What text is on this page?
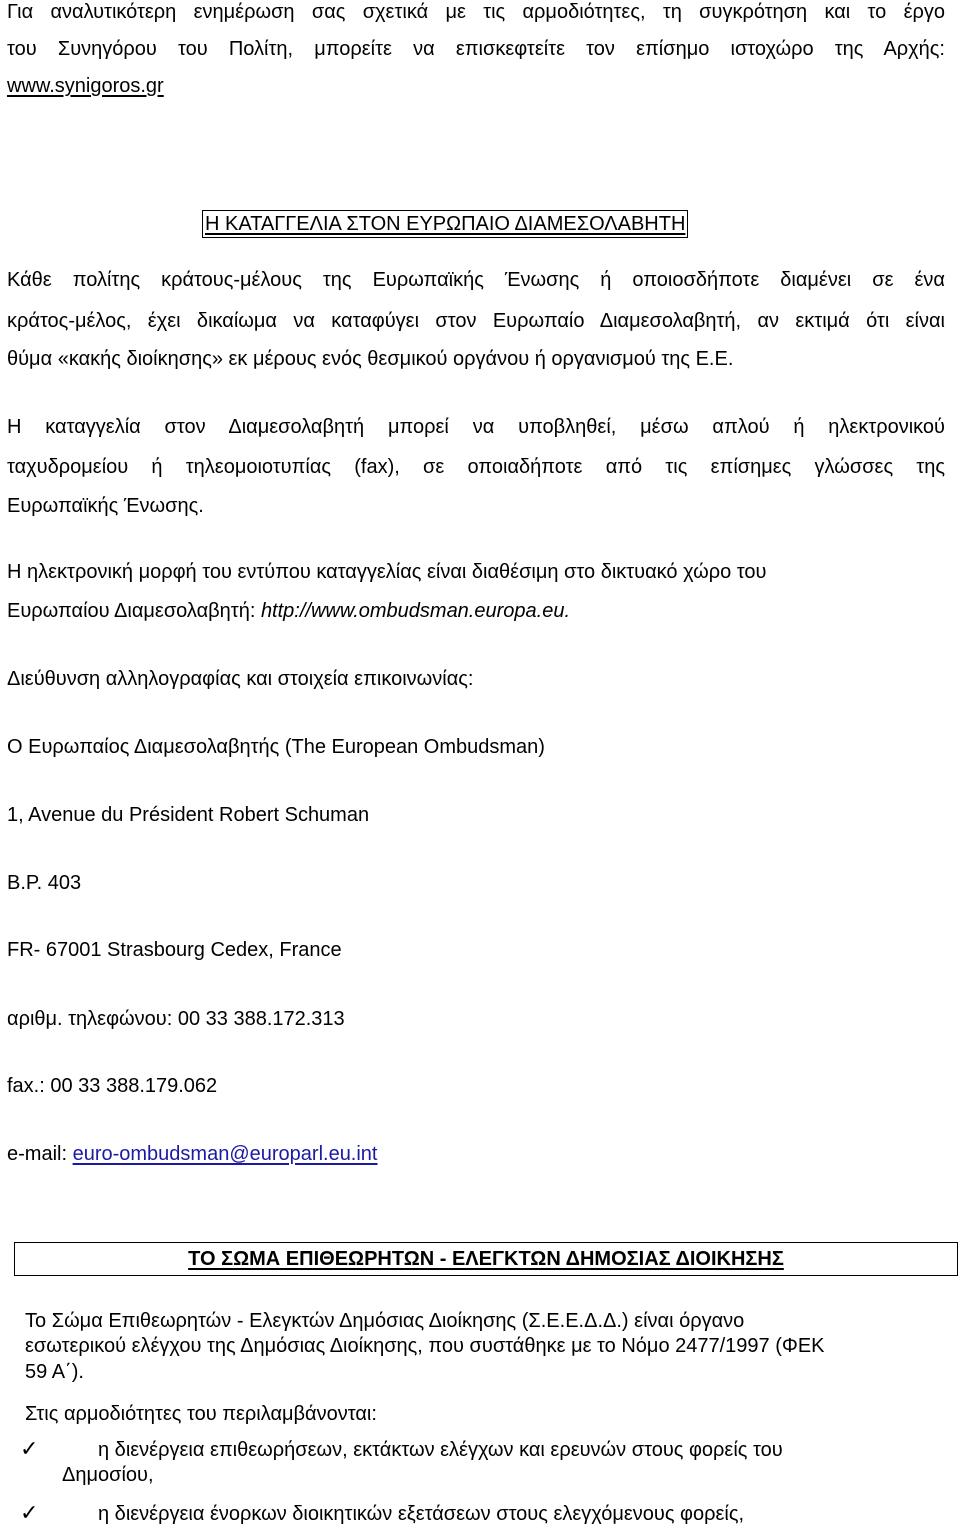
Για αναλυτικότερη ενημέρωση σας σχετικά με τις αρμοδιότητες, τη συγκρότηση και το έργο
του Συνηγόρου του Πολίτη, μπορείτε να επισκεφτείτε τον επίσημο ιστοχώρο της Αρχής:
www.synigoros.gr
Η ΚΑΤΑΓΓΕΛΙΑ ΣΤΟΝ ΕΥΡΩΠΑΙΟ ΔΙΑΜΕΣΟΛΑΒΗΤΗ
Κάθε πολίτης κράτους-μέλους της Ευρωπαϊκής Ένωσης ή οποιοσδήποτε διαμένει σε ένα
κράτος-μέλος, έχει δικαίωμα να καταφύγει στον Ευρωπαίο Διαμεσολαβητή, αν εκτιμά ότι είναι
θύμα «κακής διοίκησης» εκ μέρους ενός θεσμικού οργάνου ή οργανισμού της Ε.Ε.
Η καταγγελία στον Διαμεσολαβητή μπορεί να υποβληθεί, μέσω απλού ή ηλεκτρονικού
ταχυδρομείου ή τηλεομοιοτυπίας (fax), σε οποιαδήποτε από τις επίσημες γλώσσες της
Ευρωπαϊκής Ένωσης.
Η ηλεκτρονική μορφή του εντύπου καταγγελίας είναι διαθέσιμη στο δικτυακό χώρο του
Ευρωπαίου Διαμεσολαβητή: http://www.ombudsman.europa.eu.
Διεύθυνση αλληλογραφίας και στοιχεία επικοινωνίας:
Ο Ευρωπαίος Διαμεσολαβητής (The European Ombudsman)
1, Avenue du Président Robert Schuman
B.P. 403
FR- 67001 Strasbourg Cedex, France
αριθμ. τηλεφώνου: 00 33 388.172.313
fax.: 00 33 388.179.062
e-mail: euro-ombudsman@europarl.eu.int
ΤΟ ΣΩΜΑ ΕΠΙΘΕΩΡΗΤΩΝ - ΕΛΕΓΚΤΩΝ ΔΗΜΟΣΙΑΣ ΔΙΟΙΚΗΣΗΣ
Το Σώμα Επιθεωρητών - Ελεγκτών Δημόσιας Διοίκησης (Σ.Ε.Ε.Δ.Δ.) είναι όργανο
εσωτερικού ελέγχου της Δημόσιας Διοίκησης, που συστάθηκε με το Νόμο 2477/1997 (ΦΕΚ
59 Α΄).
Στις αρμοδιότητες του περιλαμβάνονται:
✓	η διενέργεια επιθεωρήσεων, εκτάκτων ελέγχων και ερευνών στους φορείς του
Δημοσίου,
✓	η διενέργεια ένορκων διοικητικών εξετάσεων στους ελεγχόμενους φορείς,
